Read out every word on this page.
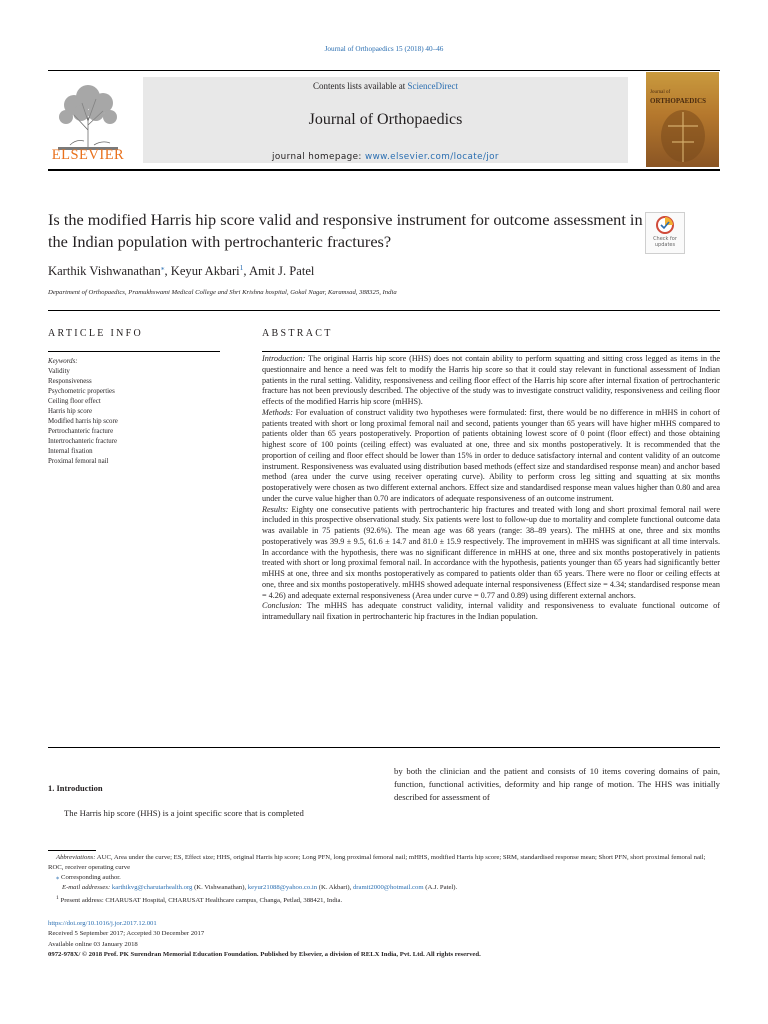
Journal of Orthopaedics 15 (2018) 40–46
ELSEVIER
Contents lists available at ScienceDirect
Journal of Orthopaedics
journal homepage: www.elsevier.com/locate/jor
Journal of
ORTHOPAEDICS
Is the modified Harris hip score valid and responsive instrument for outcome assessment in the Indian population with pertrochanteric fractures?	Check for updates
Karthik Vishwanathan⁎, Keyur Akbari$^1$, Amit J. Patel
Department of Orthopaedics, Pramukhswami Medical College and Shri Krishna hospital, Gokal Nagar, Karamsad, 388325, India
ARTICLE INFO	ABSTRACT
Keywords:
Validity
Responsiveness
Psychometric properties
Ceiling floor effect
Harris hip score
Modified harris hip score
Pertrochanteric fracture
Intertrochanteric fracture
Internal fixation
Proximal femoral nail

Introduction: The original Harris hip score (HHS) does not contain ability to perform squatting and sitting cross legged as items in the questionnaire and hence a need was felt to modify the Harris hip score so that it could stay relevant in functional assessment of Indian patients in the rural setting. Validity, responsiveness and ceiling floor effect of the Harris hip score after internal fixation of pertrochanteric fracture has not been previously described. The objective of the study was to investigate construct validity, responsiveness and ceiling floor effects of the modified Harris hip score (mHHS).

Methods: For evaluation of construct validity two hypotheses were formulated: first, there would be no difference in mHHS in cohort of patients treated with short or long proximal femoral nail and second, patients younger than 65 years will have higher mHHS compared to patients older than 65 years postoperatively. Proportion of patients obtaining lowest score of 0 point (floor effect) and those obtaining highest score of 100 points (ceiling effect) was evaluated at one, three and six months postoperatively. It is recommended that the proportion of ceiling and floor effect should be lower than 15% in order to deduce satisfactory internal and content validity of an outcome instrument. Responsiveness was evaluated using distribution based methods (effect size and standardised response mean) and anchor based method (area under the curve using receiver operating curve). Ability to perform cross leg sitting and squatting at six months postoperatively were chosen as two different external anchors. Effect size and standardised response mean values higher than 0.80 and area under the curve value higher than 0.70 are indicators of adequate responsiveness of an outcome instrument.

Results: Eighty one consecutive patients with pertrochanteric hip fractures and treated with long and short proximal femoral nail were included in this prospective observational study. Six patients were lost to follow-up due to mortality and complete functional outcome data was available in 75 patients (92.6%). The mean age was 68 years (range: 38–89 years). The mHHS at one, three and six months postoperatively was 39.9 ± 9.5, 61.6 ± 14.7 and 81.0 ± 15.9 respectively. The improvement in mHHS was significant at all time intervals. In accordance with the hypothesis, there was no significant difference in mHHS at one, three and six months postoperatively in patients treated with short or long proximal femoral nail. In accordance with the hypothesis, patients younger than 65 years had significantly better mHHS at one, three and six months postoperatively as compared to patients older than 65 years. There were no floor or ceiling effects at one, three and six months postoperatively. mHHS showed adequate internal responsiveness (Effect size = 4.34; standardised response mean = 4.26) and adequate external responsiveness (Area under curve = 0.77 and 0.89) using different external anchors.

Conclusion: The mHHS has adequate construct validity, internal validity and responsiveness to evaluate functional outcome of intramedullary nail fixation in pertrochanteric hip fractures in the Indian population.

1. Introduction
The Harris hip score (HHS) is a joint specific score that is completed
by both the clinician and the patient and consists of 10 items covering domains of pain, function, functional activities, deformity and hip range of motion. The HHS was initially described for assessment of

Abbreviations: AUC, Area under the curve; ES, Effect size; HHS, original Harris hip score; Long PFN, long proximal femoral nail; mHHS, modified Harris hip score; SRM, standardised response mean; Short PFN, short proximal femoral nail; ROC, receiver operating curve

⁎ Corresponding author.

E-mail addresses: karthikvg@charutarhealth.org (K. Vishwanathan), keyur21088@yahoo.co.in (K. Akbari), dramit2000@hotmail.com (A.J. Patel).

$^1$ Present address: CHARUSAT Hospital, CHARUSAT Healthcare campus, Changa, Petlad, 388421, India.

https://doi.org/10.1016/j.jor.2017.12.001

Received 5 September 2017; Accepted 30 December 2017

Available online 03 January 2018

0972-978X/ © 2018 Prof. PK Surendran Memorial Education Foundation. Published by Elsevier, a division of RELX India, Pvt. Ltd. All rights reserved.
